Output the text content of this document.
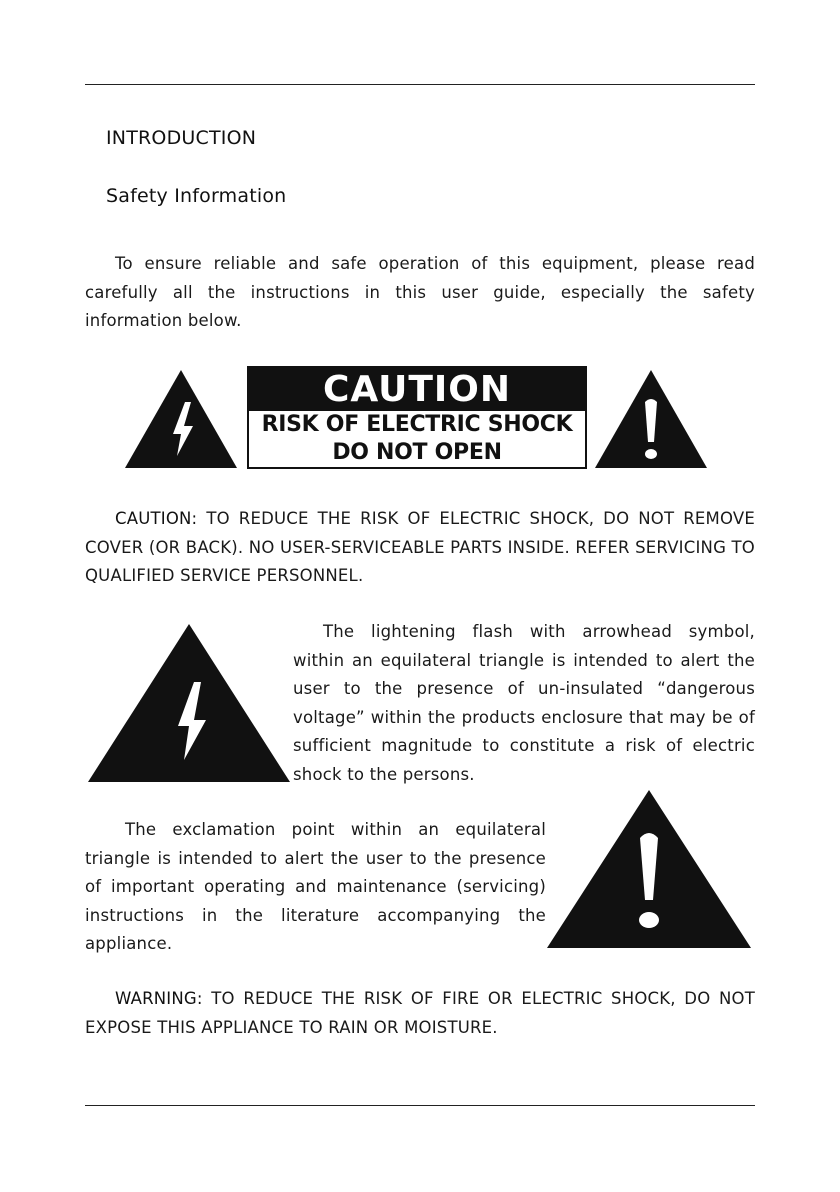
INTRODUCTION
Safety Information

To ensure reliable and safe operation of this equipment, please read carefully all the instructions in this user guide, especially the safety information below.

CAUTION
RISK OF ELECTRIC SHOCK
DO NOT OPEN

CAUTION: TO REDUCE THE RISK OF ELECTRIC SHOCK, DO NOT REMOVE COVER (OR BACK). NO USER-SERVICEABLE PARTS INSIDE. REFER SERVICING TO QUALIFIED SERVICE PERSONNEL.

The lightening flash with arrowhead symbol, within an equilateral triangle is intended to alert the user to the presence of un-insulated “dangerous voltage” within the products enclosure that may be of sufficient magnitude to constitute a risk of electric shock to the persons.

The exclamation point within an equilateral triangle is intended to alert the user to the presence of important operating and maintenance (servicing) instructions in the literature accompanying the appliance.

WARNING: TO REDUCE THE RISK OF FIRE OR ELECTRIC SHOCK, DO NOT EXPOSE THIS APPLIANCE TO RAIN OR MOISTURE.
